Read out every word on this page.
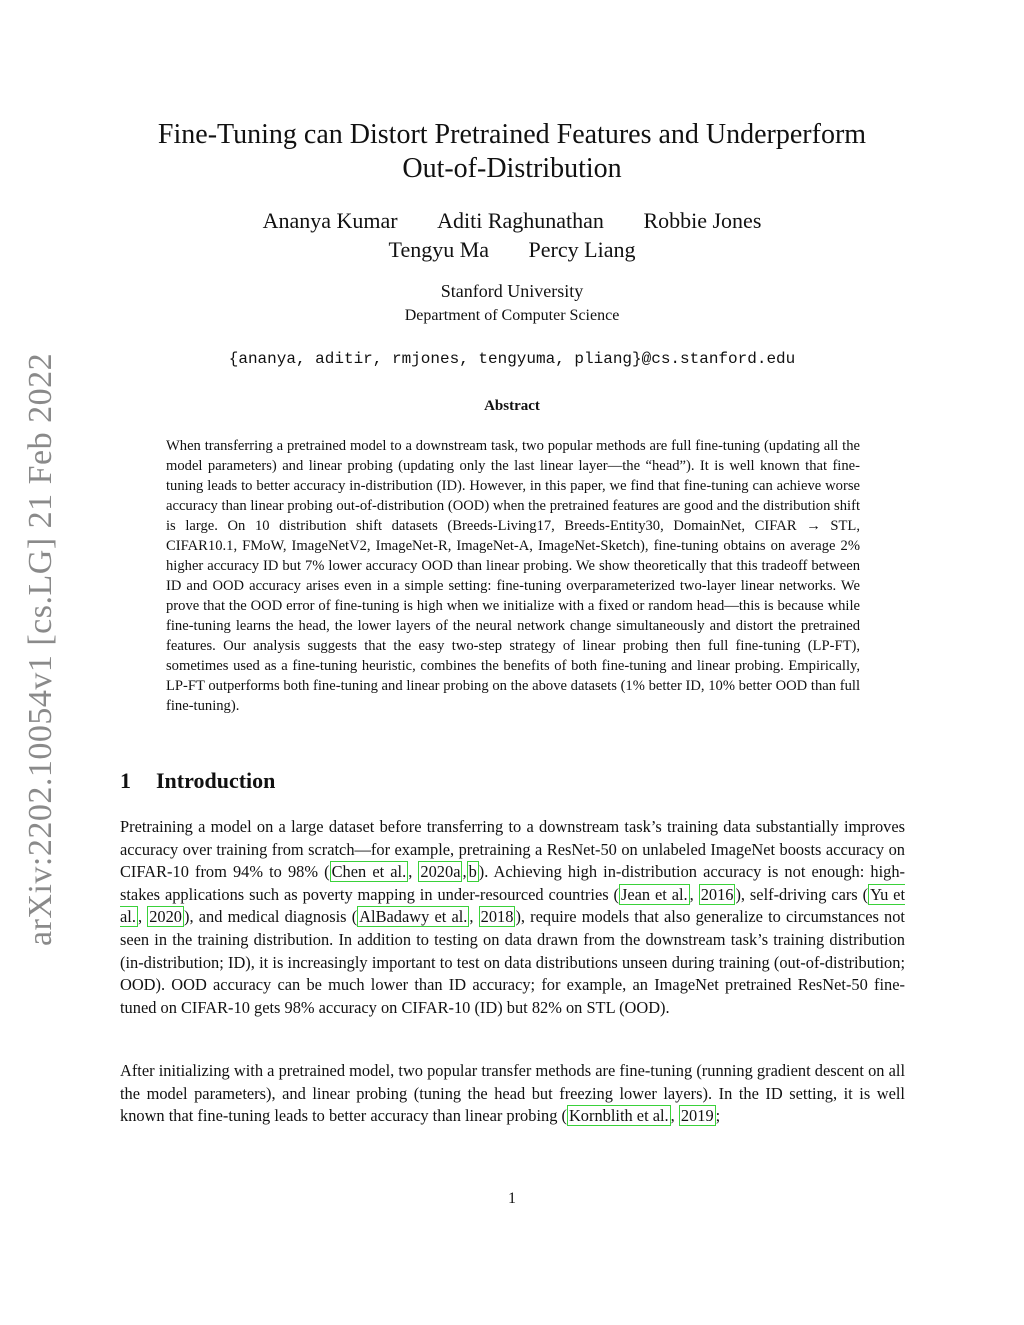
arXiv:2202.10054v1 [cs.LG] 21 Feb 2022
Fine-Tuning can Distort Pretrained Features and Underperform
Out-of-Distribution
Ananya Kumar Aditi Raghunathan Robbie Jones
Tengyu Ma Percy Liang
Stanford University
Department of Computer Science
{ananya, aditir, rmjones, tengyuma, pliang}@cs.stanford.edu
Abstract
When transferring a pretrained model to a downstream task, two popular methods are full fine-tuning (updating all the model parameters) and linear probing (updating only the last linear layer—the “head”). It is well known that fine-tuning leads to better accuracy in-distribution (ID). However, in this paper, we find that fine-tuning can achieve worse accuracy than linear probing out-of-distribution (OOD) when the pretrained features are good and the distribution shift is large. On 10 distribution shift datasets (Breeds-Living17, Breeds-Entity30, DomainNet, CIFAR → STL, CIFAR10.1, FMoW, ImageNetV2, ImageNet-R, ImageNet-A, ImageNet-Sketch), fine-tuning obtains on average 2% higher accuracy ID but 7% lower accuracy OOD than linear probing. We show theoretically that this tradeoff between ID and OOD accuracy arises even in a simple setting: fine-tuning overparameterized two-layer linear networks. We prove that the OOD error of fine-tuning is high when we initialize with a fixed or random head—this is because while fine-tuning learns the head, the lower layers of the neural network change simultaneously and distort the pretrained features. Our analysis suggests that the easy two-step strategy of linear probing then full fine-tuning (LP-FT), sometimes used as a fine-tuning heuristic, combines the benefits of both fine-tuning and linear probing. Empirically, LP-FT outperforms both fine-tuning and linear probing on the above datasets (1% better ID, 10% better OOD than full fine-tuning).
1 Introduction
Pretraining a model on a large dataset before transferring to a downstream task’s training data substantially improves accuracy over training from scratch—for example, pretraining a ResNet-50 on unlabeled ImageNet boosts accuracy on CIFAR-10 from 94% to 98% ( Chen et al. , 2020a , b ). Achieving high in-distribution accuracy is not enough: high-stakes applications such as poverty mapping in under-resourced countries ( Jean et al. , 2016 ), self-driving cars ( Yu et al. , 2020 ), and medical diagnosis ( AlBadawy et al. , 2018 ), require models that also generalize to circumstances not seen in the training distribution. In addition to testing on data drawn from the downstream task’s training distribution (in-distribution; ID), it is increasingly important to test on data distributions unseen during training (out-of-distribution; OOD). OOD accuracy can be much lower than ID accuracy; for example, an ImageNet pretrained ResNet-50 fine-tuned on CIFAR-10 gets 98% accuracy on CIFAR-10 (ID) but 82% on STL (OOD).
After initializing with a pretrained model, two popular transfer methods are fine-tuning (running gradient descent on all the model parameters), and linear probing (tuning the head but freezing lower layers). In the ID setting, it is well known that fine-tuning leads to better accuracy than linear probing ( Kornblith et al. , 2019 ;
1
